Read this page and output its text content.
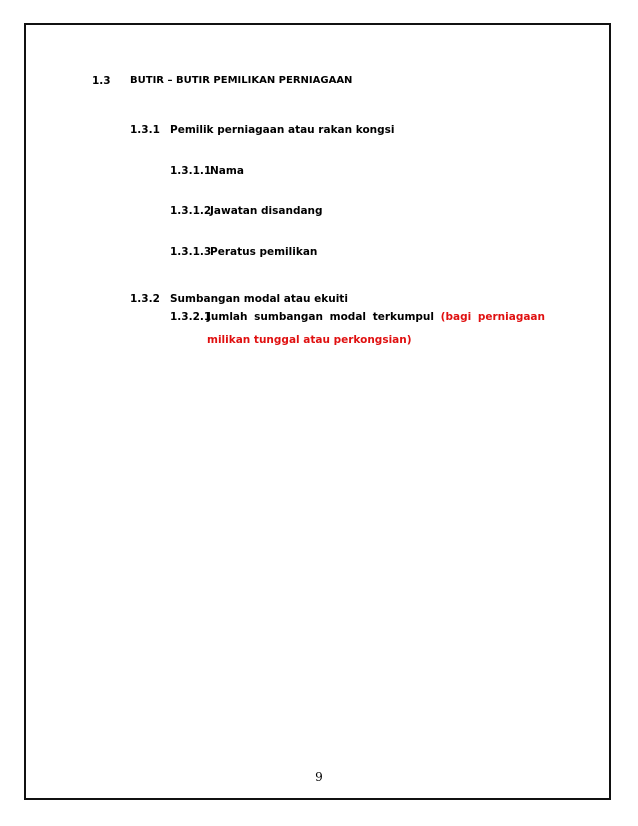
1.3 BUTIR – BUTIR PEMILIKAN PERNIAGAAN
1.3.1 Pemilik perniagaan atau rakan kongsi
1.3.1.1
Nama
1.3.1.2
Jawatan disandang
1.3.1.3
Peratus pemilikan
1.3.2 Sumbangan modal atau ekuiti
1.3.2.1
Jumlah sumbangan modal terkumpul (bagi perniagaan
milikan tunggal atau perkongsian)
9
